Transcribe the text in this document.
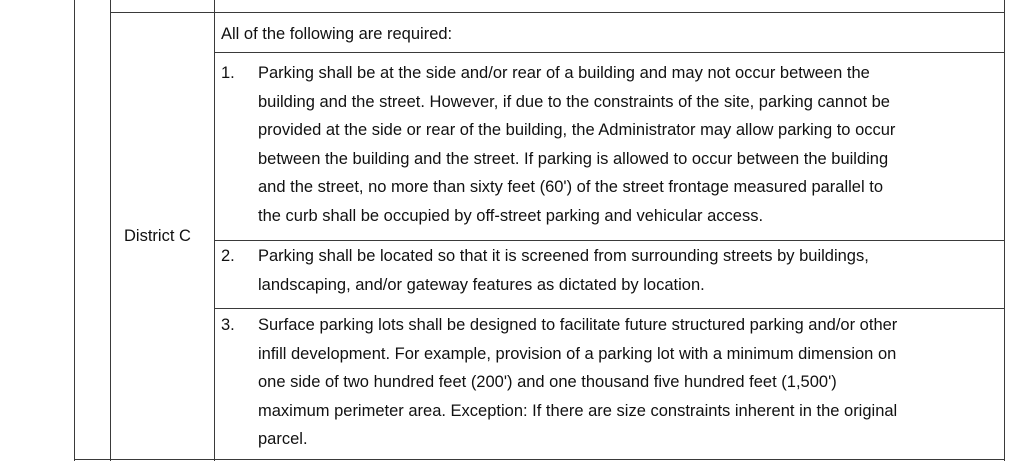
District C
All of the following are required:
1. Parking shall be at the side and/or rear of a building and may not occur between the
building and the street. However, if due to the constraints of the site, parking cannot be
provided at the side or rear of the building, the Administrator may allow parking to occur
between the building and the street. If parking is allowed to occur between the building
and the street, no more than sixty feet (60') of the street frontage measured parallel to
the curb shall be occupied by off-street parking and vehicular access.
2. Parking shall be located so that it is screened from surrounding streets by buildings,
landscaping, and/or gateway features as dictated by location.
3. Surface parking lots shall be designed to facilitate future structured parking and/or other
infill development. For example, provision of a parking lot with a minimum dimension on
one side of two hundred feet (200') and one thousand five hundred feet (1,500')
maximum perimeter area. Exception: If there are size constraints inherent in the original
parcel.
